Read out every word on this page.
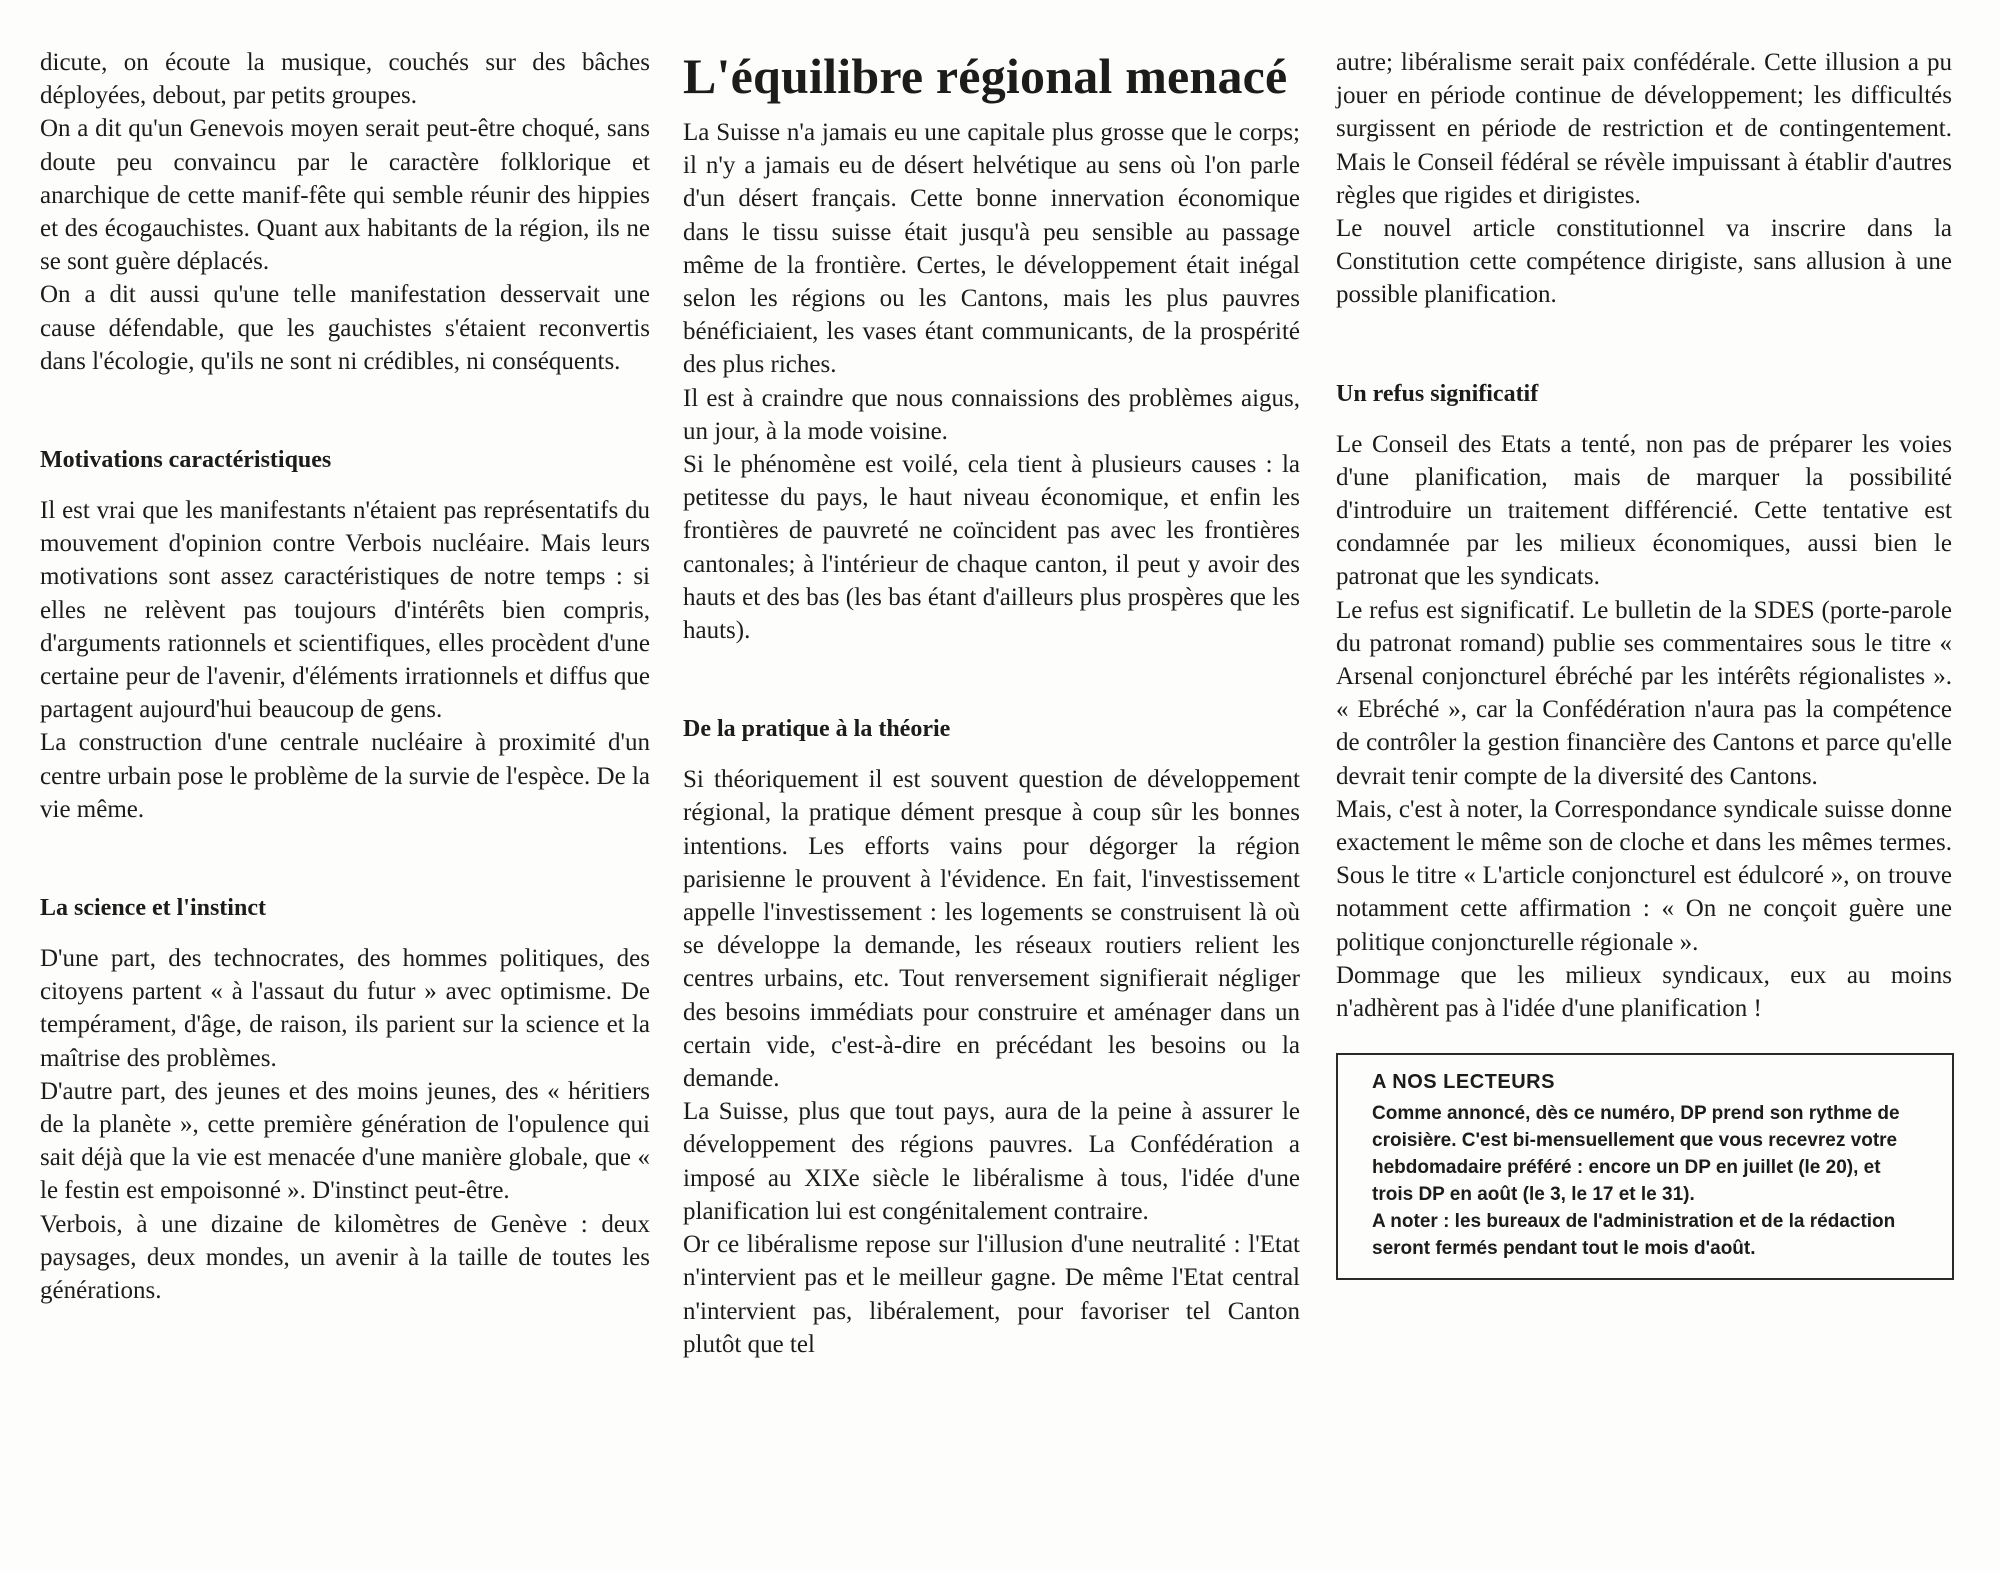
dicute, on écoute la musique, couchés sur des bâches déployées, debout, par petits groupes.

On a dit qu'un Genevois moyen serait peut-être choqué, sans doute peu convaincu par le caractère folklorique et anarchique de cette manif-fête qui semble réunir des hippies et des écogauchistes. Quant aux habitants de la région, ils ne se sont guère déplacés.

On a dit aussi qu'une telle manifestation desservait une cause défendable, que les gauchistes s'étaient reconvertis dans l'écologie, qu'ils ne sont ni crédibles, ni conséquents.

Motivations caractéristiques

Il est vrai que les manifestants n'étaient pas représentatifs du mouvement d'opinion contre Verbois nucléaire. Mais leurs motivations sont assez caractéristiques de notre temps : si elles ne relèvent pas toujours d'intérêts bien compris, d'arguments rationnels et scientifiques, elles procèdent d'une certaine peur de l'avenir, d'éléments irrationnels et diffus que partagent aujourd'hui beaucoup de gens.

La construction d'une centrale nucléaire à proximité d'un centre urbain pose le problème de la survie de l'espèce. De la vie même.

La science et l'instinct

D'une part, des technocrates, des hommes politiques, des citoyens partent « à l'assaut du futur » avec optimisme. De tempérament, d'âge, de raison, ils parient sur la science et la maîtrise des problèmes.

D'autre part, des jeunes et des moins jeunes, des « héritiers de la planète », cette première génération de l'opulence qui sait déjà que la vie est menacée d'une manière globale, que « le festin est empoisonné ». D'instinct peut-être.

Verbois, à une dizaine de kilomètres de Genève : deux paysages, deux mondes, un avenir à la taille de toutes les générations.

L'équilibre régional menacé

La Suisse n'a jamais eu une capitale plus grosse que le corps; il n'y a jamais eu de désert helvétique au sens où l'on parle d'un désert français. Cette bonne innervation économique dans le tissu suisse était jusqu'à peu sensible au passage même de la frontière. Certes, le développement était inégal selon les régions ou les Cantons, mais les plus pauvres bénéficiaient, les vases étant communicants, de la prospérité des plus riches.

Il est à craindre que nous connaissions des problèmes aigus, un jour, à la mode voisine.

Si le phénomène est voilé, cela tient à plusieurs causes : la petitesse du pays, le haut niveau économique, et enfin les frontières de pauvreté ne coïncident pas avec les frontières cantonales; à l'intérieur de chaque canton, il peut y avoir des hauts et des bas (les bas étant d'ailleurs plus prospères que les hauts).

De la pratique à la théorie

Si théoriquement il est souvent question de développement régional, la pratique dément presque à coup sûr les bonnes intentions. Les efforts vains pour dégorger la région parisienne le prouvent à l'évidence. En fait, l'investissement appelle l'investissement : les logements se construisent là où se développe la demande, les réseaux routiers relient les centres urbains, etc. Tout renversement signifierait négliger des besoins immédiats pour construire et aménager dans un certain vide, c'est-à-dire en précédant les besoins ou la demande.

La Suisse, plus que tout pays, aura de la peine à assurer le développement des régions pauvres. La Confédération a imposé au XIXe siècle le libéralisme à tous, l'idée d'une planification lui est congénitalement contraire.

Or ce libéralisme repose sur l'illusion d'une neutralité : l'Etat n'intervient pas et le meilleur gagne. De même l'Etat central n'intervient pas, libéralement, pour favoriser tel Canton plutôt que tel

autre; libéralisme serait paix confédérale. Cette illusion a pu jouer en période continue de développement; les difficultés surgissent en période de restriction et de contingentement. Mais le Conseil fédéral se révèle impuissant à établir d'autres règles que rigides et dirigistes.

Le nouvel article constitutionnel va inscrire dans la Constitution cette compétence dirigiste, sans allusion à une possible planification.

Un refus significatif

Le Conseil des Etats a tenté, non pas de préparer les voies d'une planification, mais de marquer la possibilité d'introduire un traitement différencié. Cette tentative est condamnée par les milieux économiques, aussi bien le patronat que les syndicats.

Le refus est significatif. Le bulletin de la SDES (porte-parole du patronat romand) publie ses commentaires sous le titre « Arsenal conjoncturel ébréché par les intérêts régionalistes ». « Ebréché », car la Confédération n'aura pas la compétence de contrôler la gestion financière des Cantons et parce qu'elle devrait tenir compte de la diversité des Cantons.

Mais, c'est à noter, la Correspondance syndicale suisse donne exactement le même son de cloche et dans les mêmes termes. Sous le titre « L'article conjoncturel est édulcoré », on trouve notamment cette affirmation : « On ne conçoit guère une politique conjoncturelle régionale ».

Dommage que les milieux syndicaux, eux au moins n'adhèrent pas à l'idée d'une planification !

A NOS LECTEURS

Comme annoncé, dès ce numéro, DP prend son rythme de croisière. C'est bi-mensuellement que vous recevrez votre hebdomadaire préféré : encore un DP en juillet (le 20), et trois DP en août (le 3, le 17 et le 31).

A noter : les bureaux de l'administration et de la rédaction seront fermés pendant tout le mois d'août.
